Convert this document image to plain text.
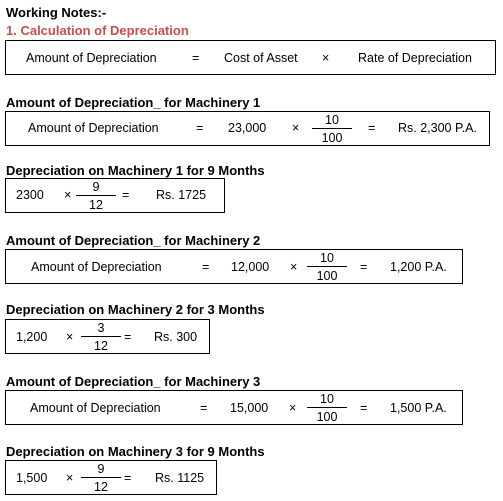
Working Notes:-
1. Calculation of Depreciation
Amount of Depreciation	= Cost of Asset × Rate of Depreciation
Amount of Depreciation_ for Machinery 1
Amount of Depreciation	= 23,000 ×
10
100
= Rs. 2,300 P.A.
Depreciation on Machinery 1 for 9 Months
2300 ×
9
12
= Rs. 1725
Amount of Depreciation_ for Machinery 2
Amount of Depreciation	= 12,000 ×
10
100
= 1,200 P.A.
Depreciation on Machinery 2 for 3 Months
1,200 ×
3
12
= Rs. 300
Amount of Depreciation_ for Machinery 3
Amount of Depreciation	= 15,000 ×
10
100
= 1,500 P.A.
Depreciation on Machinery 3 for 9 Months
1,500 ×
9
12
= Rs. 1125
